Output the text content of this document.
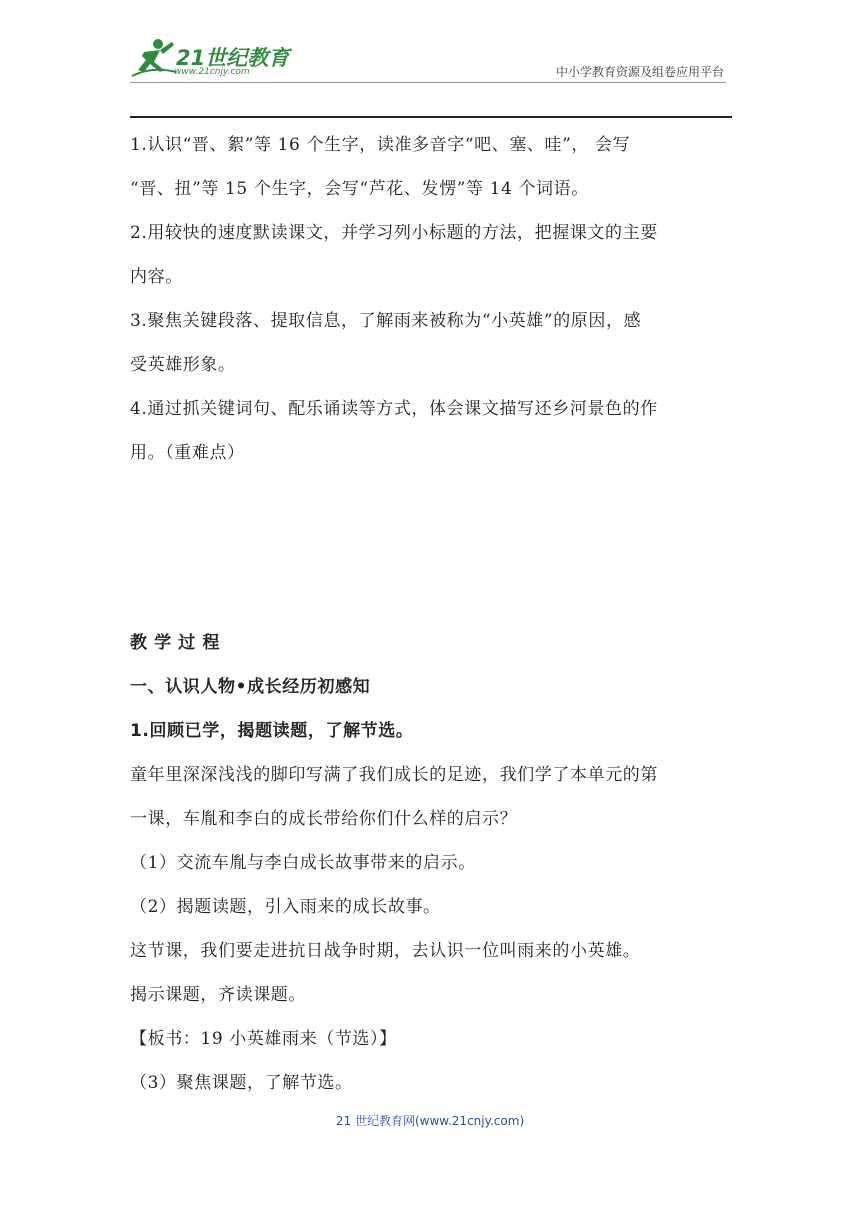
21世纪教育
www.21cnjy.com	中小学教育资源及组卷应用平台

1.认识“晋、絮”等 16 个生字，读准多音字“吧、塞、哇”， 会写

“晋、扭”等 15 个生字，会写“芦花、发愣”等 14 个词语。

2.用较快的速度默读课文，并学习列小标题的方法，把握课文的主要

内容。

3.聚焦关键段落、提取信息，了解雨来被称为“小英雄”的原因，感

受英雄形象。

4.通过抓关键词句、配乐诵读等方式，体会课文描写还乡河景色的作

用。（重难点）

教 学 过 程

一、认识人物•成长经历初感知

1.回顾已学，揭题读题，了解节选。

童年里深深浅浅的脚印写满了我们成长的足迹，我们学了本单元的第

一课，车胤和李白的成长带给你们什么样的启示？

（1）交流车胤与李白成长故事带来的启示。

（2）揭题读题，引入雨来的成长故事。

这节课，我们要走进抗日战争时期，去认识一位叫雨来的小英雄。

揭示课题，齐读课题。

【板书：19 小英雄雨来（节选）】

（3）聚焦课题，了解节选。

21 世纪教育网(www.21cnjy.com)
